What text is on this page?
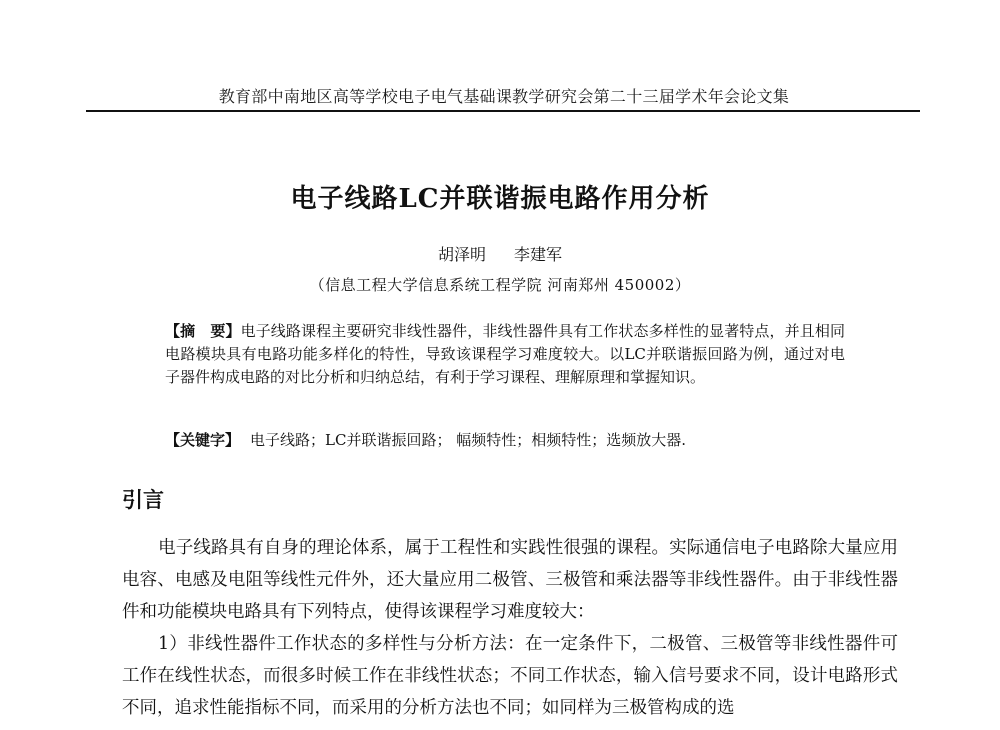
教育部中南地区高等学校电子电气基础课教学研究会第二十三届学术年会论文集
电子线路LC并联谐振电路作用分析
胡泽明 李建军
（信息工程大学信息系统工程学院 河南郑州 450002）
【摘　要】电子线路课程主要研究非线性器件，非线性器件具有工作状态多样性的显著特点，并且相同电路模块具有电路功能多样化的特性，导致该课程学习难度较大。以LC并联谐振回路为例，通过对电子器件构成电路的对比分析和归纳总结，有利于学习课程、理解原理和掌握知识。
【关键字】 电子线路；LC并联谐振回路； 幅频特性；相频特性；选频放大器.
引言
电子线路具有自身的理论体系，属于工程性和实践性很强的课程。实际通信电子电路除大量应用电容、电感及电阻等线性元件外，还大量应用二极管、三极管和乘法器等非线性器件。由于非线性器件和功能模块电路具有下列特点，使得该课程学习难度较大：
1）非线性器件工作状态的多样性与分析方法：在一定条件下，二极管、三极管等非线性器件可工作在线性状态，而很多时候工作在非线性状态；不同工作状态，输入信号要求不同，设计电路形式不同，追求性能指标不同，而采用的分析方法也不同；如同样为三极管构成的选
